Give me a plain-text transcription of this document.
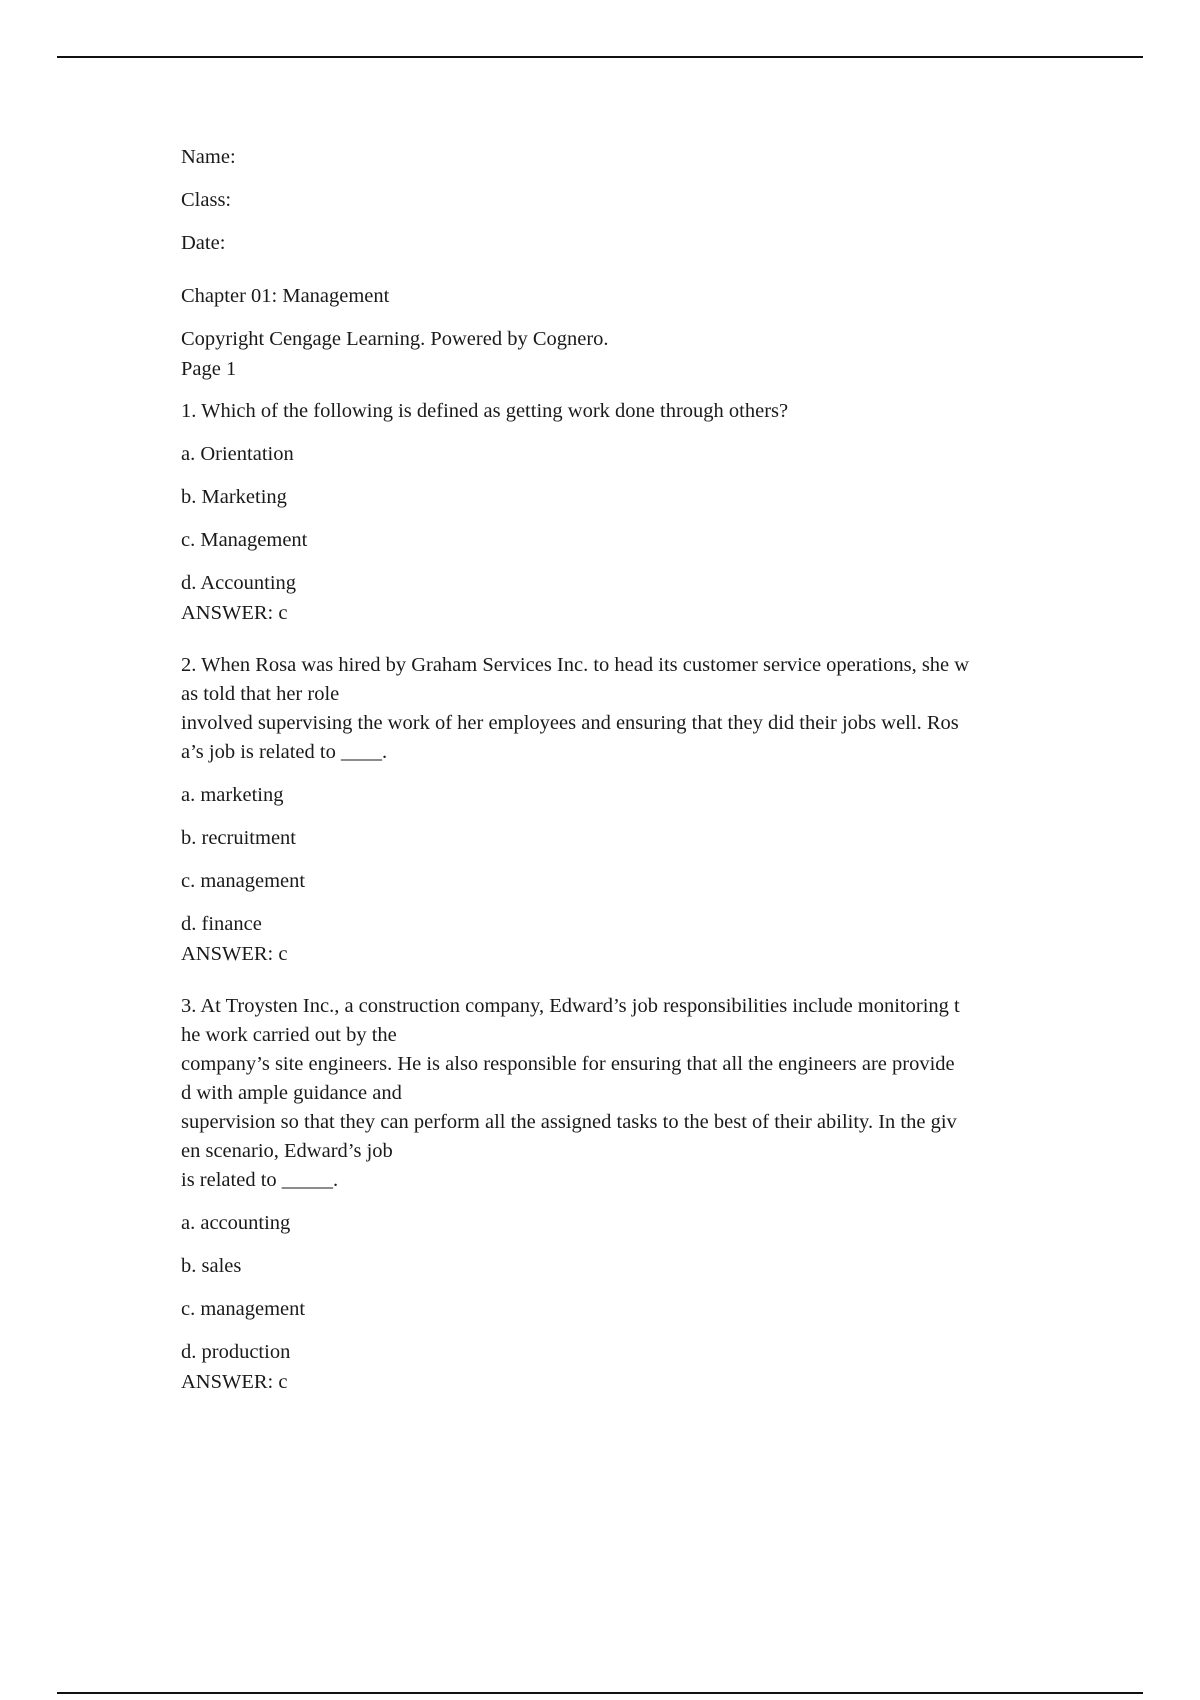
Name:
Class:
Date:
Chapter 01: Management
Copyright Cengage Learning. Powered by Cognero.
Page 1
1. Which of the following is defined as getting work done through others?
a. Orientation
b. Marketing
c. Management
d. Accounting
ANSWER: c
2. When Rosa was hired by Graham Services Inc. to head its customer service operations, she w
as told that her role
involved supervising the work of her employees and ensuring that they did their jobs well. Ros
a’s job is related to ____.
a. marketing
b. recruitment
c. management
d. finance
ANSWER: c
3. At Troysten Inc., a construction company, Edward’s job responsibilities include monitoring t
he work carried out by the
company’s site engineers. He is also responsible for ensuring that all the engineers are provide
d with ample guidance and
supervision so that they can perform all the assigned tasks to the best of their ability. In the giv
en scenario, Edward’s job
is related to _____.
a. accounting
b. sales
c. management
d. production
ANSWER: c
